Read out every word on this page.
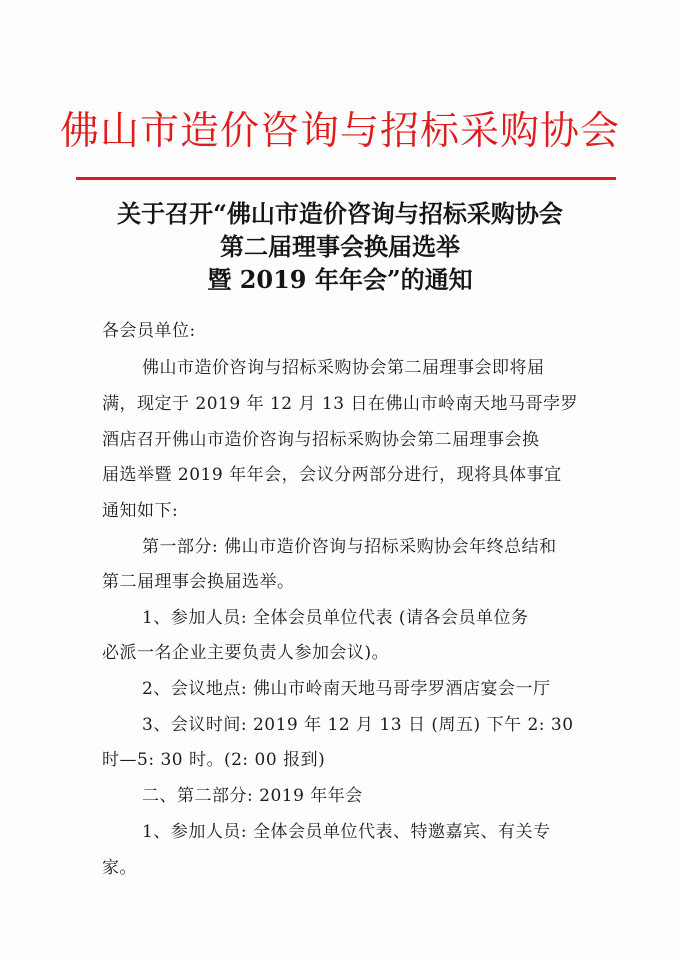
佛山市造价咨询与招标采购协会
关于召开“佛山市造价咨询与招标采购协会
第二届理事会换届选举
暨 2019 年年会”的通知
各会员单位:
佛山市造价咨询与招标采购协会第二届理事会即将届
满，现定于 2019 年 12 月 13 日在佛山市岭南天地马哥孛罗
酒店召开佛山市造价咨询与招标采购协会第二届理事会换
届选举暨 2019 年年会，会议分两部分进行，现将具体事宜
通知如下:
第一部分: 佛山市造价咨询与招标采购协会年终总结和
第二届理事会换届选举。
1、参加人员: 全体会员单位代表 (请各会员单位务
必派一名企业主要负责人参加会议)。
2、会议地点: 佛山市岭南天地马哥孛罗酒店宴会一厅
3、会议时间: 2019 年 12 月 13 日 (周五) 下午 2: 30
时—5: 30 时。(2: 00 报到)
二、第二部分: 2019 年年会
1、参加人员: 全体会员单位代表、特邀嘉宾、有关专
家。
